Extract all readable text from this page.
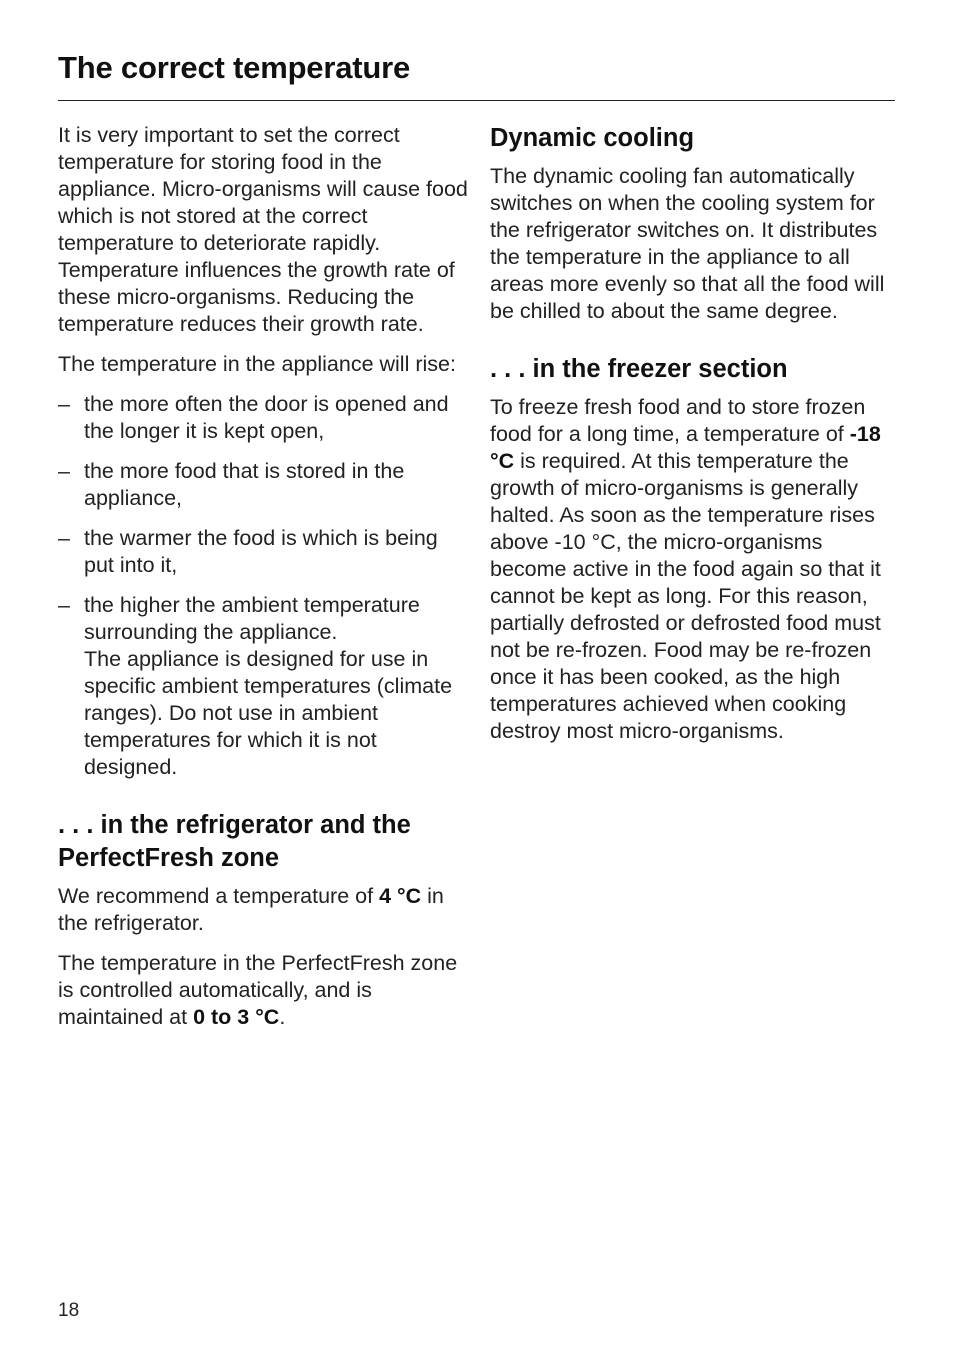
The correct temperature

It is very important to set the correct temperature for storing food in the appliance. Micro-organisms will cause food which is not stored at the correct temperature to deteriorate rapidly. Temperature influences the growth rate of these micro-organisms. Reducing the temperature reduces their growth rate.

The temperature in the appliance will rise:

– the more often the door is opened and the longer it is kept open,
– the more food that is stored in the appliance,
– the warmer the food is which is being put into it,
– the higher the ambient temperature surrounding the appliance.
The appliance is designed for use in specific ambient temperatures (climate ranges). Do not use in ambient temperatures for which it is not designed.
. . . in the refrigerator and the
PerfectFresh zone

We recommend a temperature of 4 °C in the refrigerator.

The temperature in the PerfectFresh zone is controlled automatically, and is maintained at 0 to 3 °C.

Dynamic cooling

The dynamic cooling fan automatically switches on when the cooling system for the refrigerator switches on. It distributes the temperature in the appliance to all areas more evenly so that all the food will be chilled to about the same degree.

. . . in the freezer section

To freeze fresh food and to store frozen food for a long time, a temperature of -18 °C is required. At this temperature the growth of micro-organisms is generally halted. As soon as the temperature rises above -10 °C, the micro-organisms become active in the food again so that it cannot be kept as long. For this reason, partially defrosted or defrosted food must not be re-frozen. Food may be re-frozen once it has been cooked, as the high temperatures achieved when cooking destroy most micro-organisms.

18
